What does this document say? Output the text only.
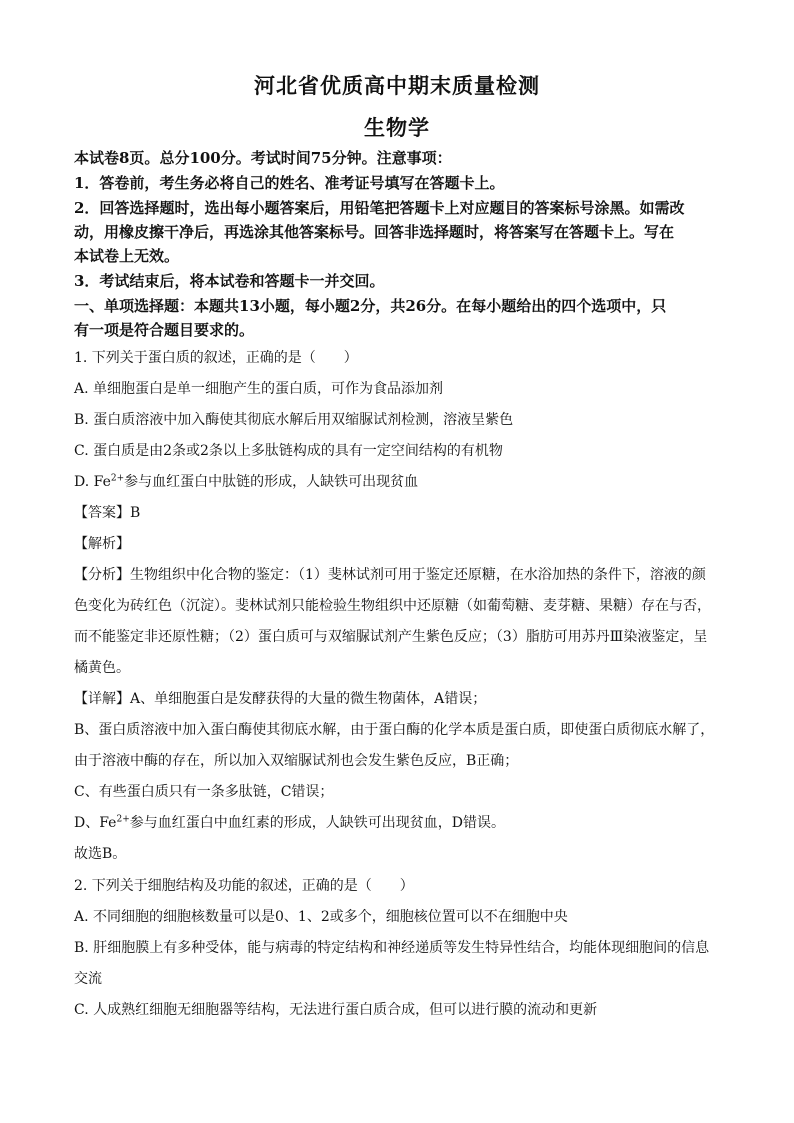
河北省优质高中期末质量检测
生物学
本试卷8页。总分100分。考试时间75分钟。注意事项：
1．答卷前，考生务必将自己的姓名、准考证号填写在答题卡上。
2．回答选择题时，选出每小题答案后，用铅笔把答题卡上对应题目的答案标号涂黑。如需改
动，用橡皮擦干净后，再选涂其他答案标号。回答非选择题时，将答案写在答题卡上。写在
本试卷上无效。
3．考试结束后，将本试卷和答题卡一并交回。
一、单项选择题：本题共13小题，每小题2分，共26分。在每小题给出的四个选项中，只
有一项是符合题目要求的。
1. 下列关于蛋白质的叙述，正确的是（　　）
A. 单细胞蛋白是单一细胞产生的蛋白质，可作为食品添加剂
B. 蛋白质溶液中加入酶使其彻底水解后用双缩脲试剂检测，溶液呈紫色
C. 蛋白质是由2条或2条以上多肽链构成的具有一定空间结构的有机物
D. $Fe^{2+}$参与血红蛋白中肽链的形成，人缺铁可出现贫血
【答案】B
【解析】
【分析】生物组织中化合物的鉴定：（1）斐林试剂可用于鉴定还原糖，在水浴加热的条件下，溶液的颜
色变化为砖红色（沉淀）。斐林试剂只能检验生物组织中还原糖（如葡萄糖、麦芽糖、果糖）存在与否，
而不能鉴定非还原性糖；（2）蛋白质可与双缩脲试剂产生紫色反应；（3）脂肪可用苏丹Ⅲ染液鉴定，呈
橘黄色。
【详解】A、单细胞蛋白是发酵获得的大量的微生物菌体，A错误；
B、蛋白质溶液中加入蛋白酶使其彻底水解，由于蛋白酶的化学本质是蛋白质，即使蛋白质彻底水解了，
由于溶液中酶的存在，所以加入双缩脲试剂也会发生紫色反应，B正确；
C、有些蛋白质只有一条多肽链，C错误；
D、$Fe^{2+}$参与血红蛋白中血红素的形成，人缺铁可出现贫血，D错误。
故选B。
2. 下列关于细胞结构及功能的叙述，正确的是（　　）
A. 不同细胞的细胞核数量可以是0、1、2或多个，细胞核位置可以不在细胞中央
B. 肝细胞膜上有多种受体，能与病毒的特定结构和神经递质等发生特异性结合，均能体现细胞间的信息
交流
C. 人成熟红细胞无细胞器等结构，无法进行蛋白质合成，但可以进行膜的流动和更新
